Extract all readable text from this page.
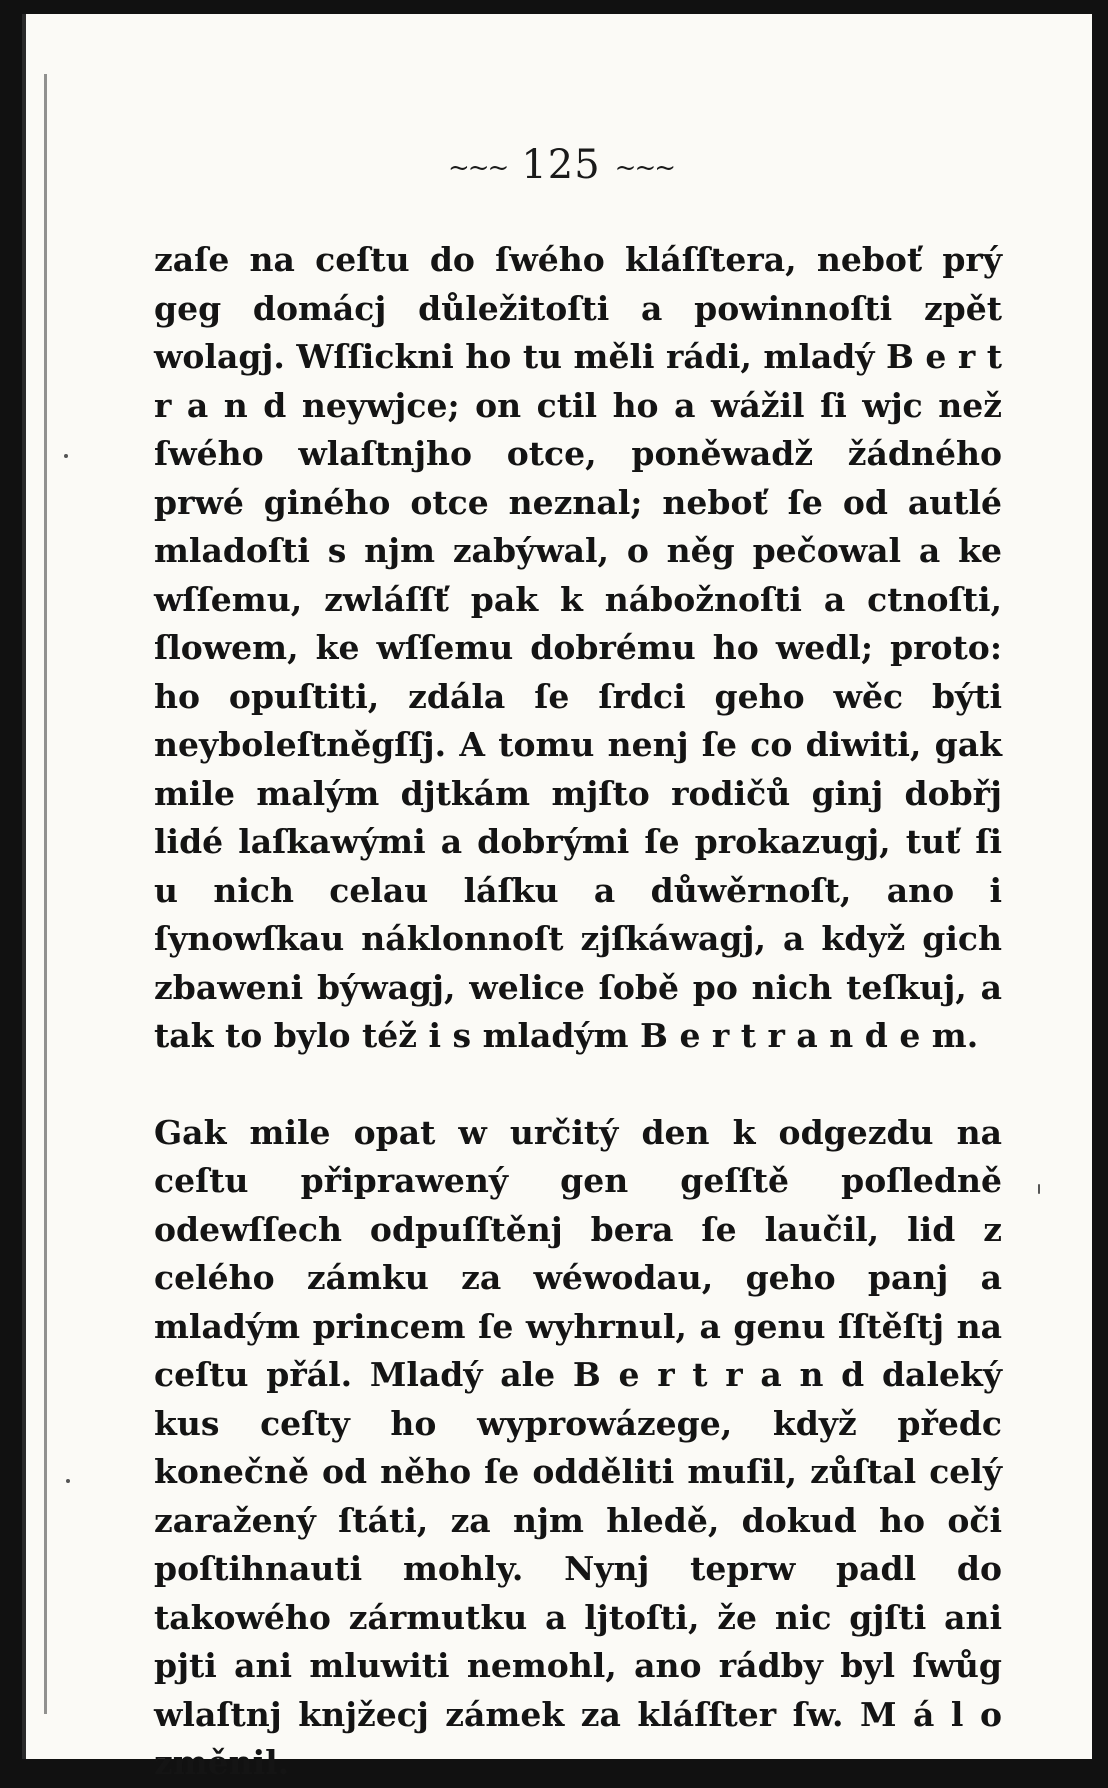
~~~ 125 ~~~

zaſe na ceſtu do ſwého kláſſtera, neboť prý geg domácj důležitoſti a powinnoſti zpět wolagj. Wſſickni ho tu měli rádi, mladý B e r t r a n d neywjce; on ctil ho a wážil ſi wjc než ſwého wlaſtnjho otce, poněwadž žádného prwé giného otce neznal; neboť ſe od autlé mladoſti s njm zabýwal, o něg pečowal a ke wſſemu, zwláſſť pak k nábožnoſti a ctnoſti, ſlowem, ke wſſemu dobrému ho wedl; proto: ho opuſtiti, zdála ſe ſrdci geho wěc býti neyboleſtněgſſj. A tomu nenj ſe co diwiti, gak mile malým djtkám mjſto rodičů ginj dobřj lidé laſkawými a dobrými ſe prokazugj, tuť ſi u nich celau láſku a důwěrnoſt, ano i ſynowſkau náklonnoſt zjſkáwagj, a když gich zbaweni býwagj, welice ſobě po nich teſkuj, a tak to bylo též i s mladým B e r t r a n d e m.

Gak mile opat w určitý den k odgezdu na ceſtu připrawený gen geſſtě poſledně odewſſech odpuſſtěnj bera ſe laučil, lid z celého zámku za wéwodau, geho panj a mladým princem ſe wyhrnul, a genu ſſtěſtj na ceſtu přál. Mladý ale B e r t r a n d daleký kus ceſty ho wyprowázege, když předc konečně od něho ſe odděliti muſil, zůſtal celý zaražený ſtáti, za njm hledě, dokud ho oči poſtihnauti mohly. Nynj teprw padl do takowého zármutku a ljtoſti, že nic gjſti ani pjti ani mluwiti nemohl, ano rádby byl ſwůg wlaſtnj knjžecj zámek za kláſſter ſw. M á l o změnil.
